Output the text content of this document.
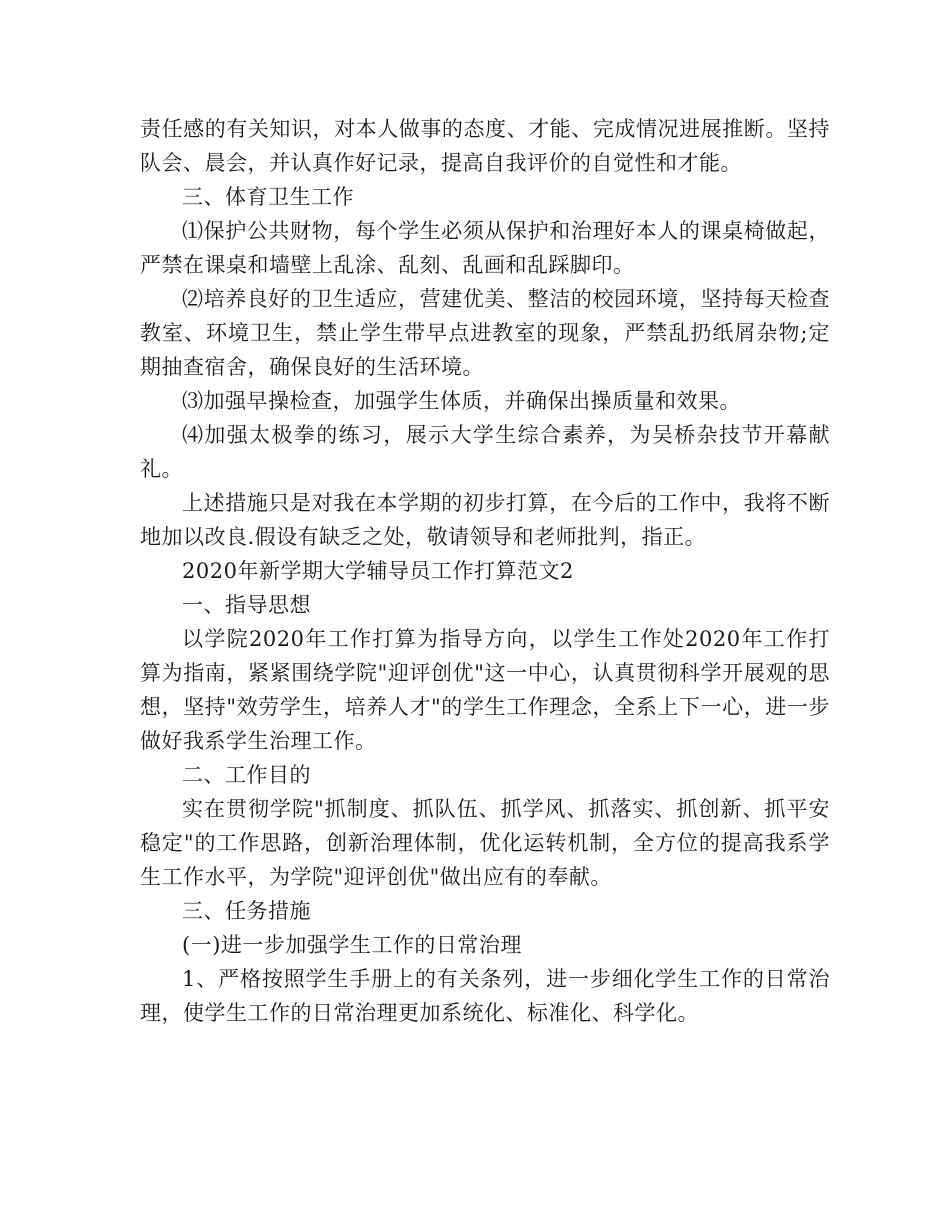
责任感的有关知识，对本人做事的态度、才能、完成情况进展推断。坚持队会、晨会，并认真作好记录，提高自我评价的自觉性和才能。

三、体育卫生工作

⑴保护公共财物，每个学生必须从保护和治理好本人的课桌椅做起，严禁在课桌和墙壁上乱涂、乱刻、乱画和乱踩脚印。

⑵培养良好的卫生适应，营建优美、整洁的校园环境，坚持每天检查教室、环境卫生，禁止学生带早点进教室的现象，严禁乱扔纸屑杂物;定期抽查宿舍，确保良好的生活环境。

⑶加强早操检查，加强学生体质，并确保出操质量和效果。

⑷加强太极拳的练习，展示大学生综合素养，为吴桥杂技节开幕献礼。

上述措施只是对我在本学期的初步打算，在今后的工作中，我将不断地加以改良.假设有缺乏之处，敬请领导和老师批判，指正。

2020年新学期大学辅导员工作打算范文2

一、指导思想

以学院2020年工作打算为指导方向，以学生工作处2020年工作打算为指南，紧紧围绕学院"迎评创优"这一中心，认真贯彻科学开展观的思想，坚持"效劳学生，培养人才"的学生工作理念，全系上下一心，进一步做好我系学生治理工作。

二、工作目的

实在贯彻学院"抓制度、抓队伍、抓学风、抓落实、抓创新、抓平安稳定"的工作思路，创新治理体制，优化运转机制，全方位的提高我系学生工作水平，为学院"迎评创优"做出应有的奉献。

三、任务措施

(一)进一步加强学生工作的日常治理

1、严格按照学生手册上的有关条列，进一步细化学生工作的日常治理，使学生工作的日常治理更加系统化、标准化、科学化。
